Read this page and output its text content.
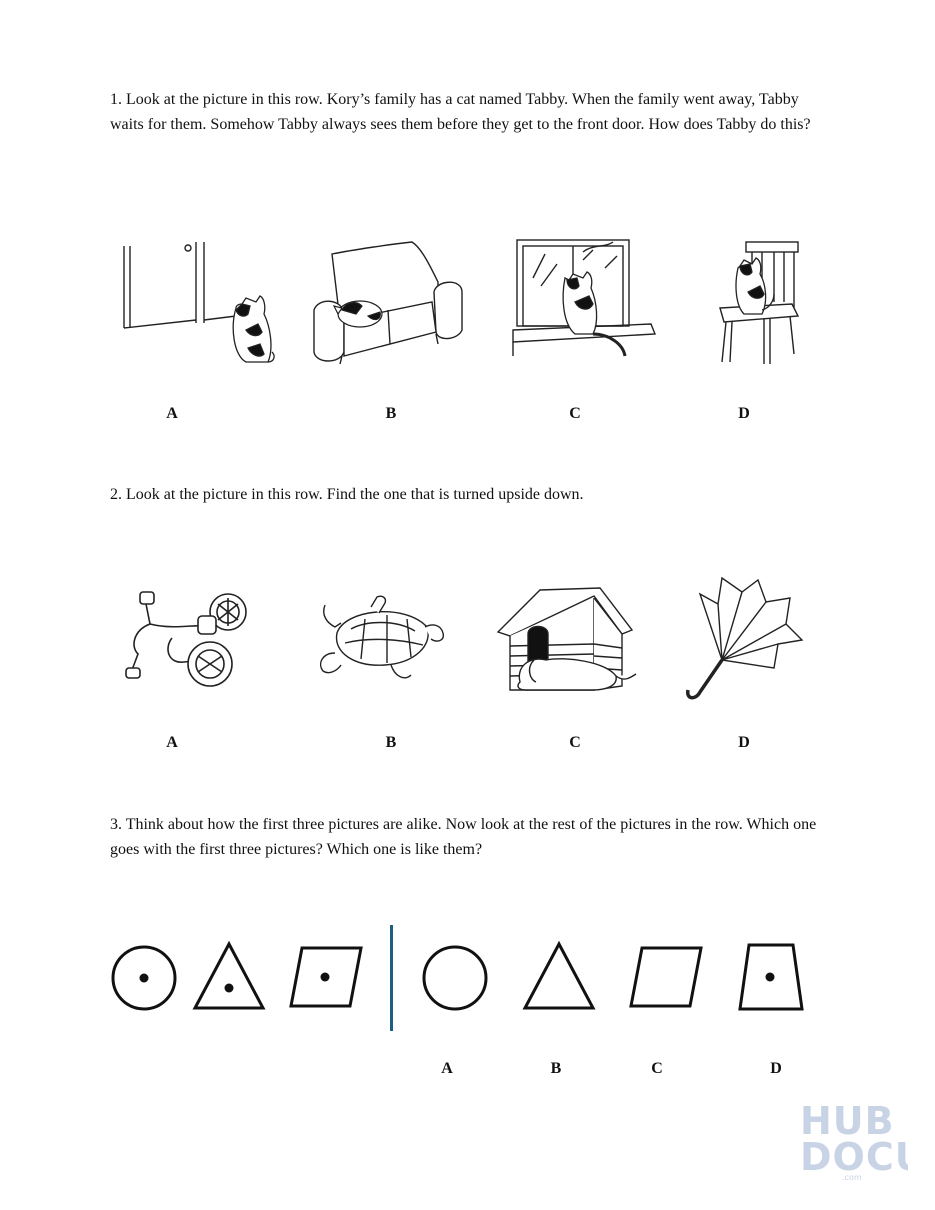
1. Look at the picture in this row. Kory’s family has a cat named Tabby. When the family went away, Tabby waits for them. Somehow Tabby always sees them before they get to the front door. How does Tabby do this?
A	B	C	D
2. Look at the picture in this row. Find the one that is turned upside down.
A	B	C	D
3. Think about how the first three pictures are alike. Now look at the rest of the pictures in the row. Which one goes with the first three pictures? Which one is like them?
A	B	C	D
HUB
DOC
.com
